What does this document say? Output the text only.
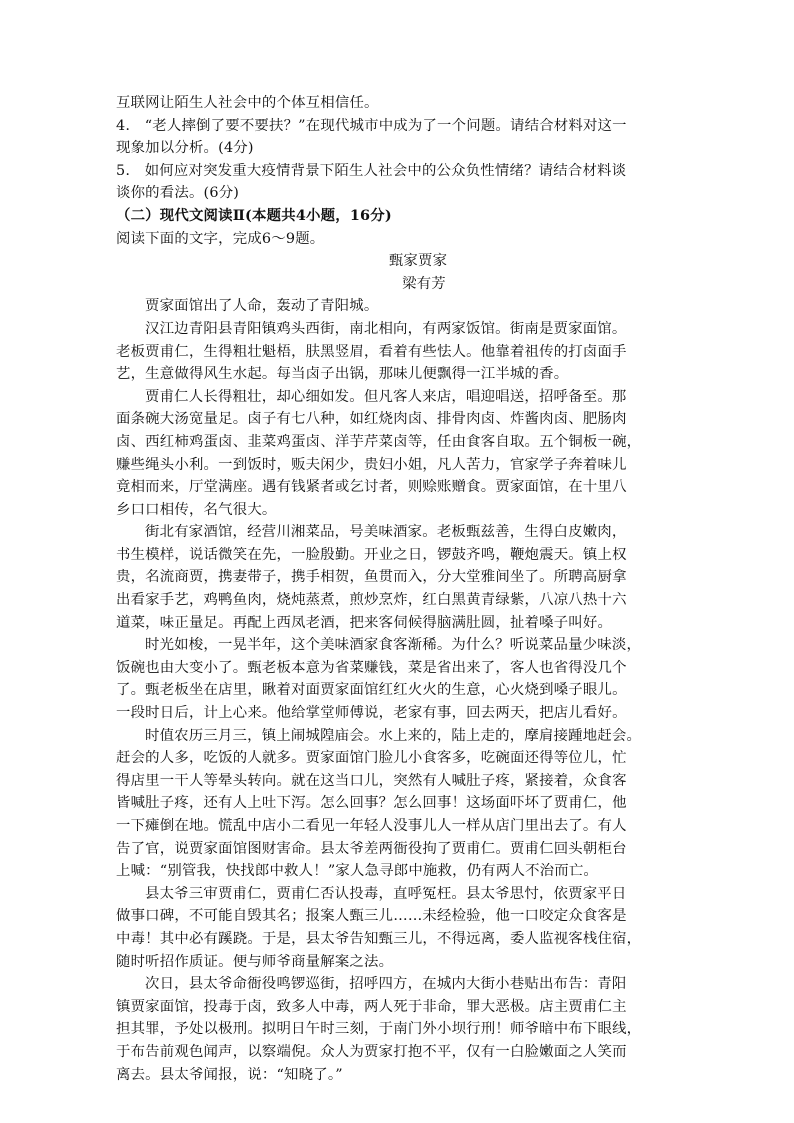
互联网让陌生人社会中的个体互相信任。
4.　“老人摔倒了要不要扶？”在现代城市中成为了一个问题。请结合材料对这一
现象加以分析。(4分)
5.　如何应对突发重大疫情背景下陌生人社会中的公众负性情绪？请结合材料谈
谈你的看法。(6分)
（二）现代文阅读Ⅱ(本题共4小题，16分)
阅读下面的文字，完成6～9题。
甄家贾家
梁有芳
贾家面馆出了人命，轰动了青阳城。
汉江边青阳县青阳镇鸡头西街，南北相向，有两家饭馆。街南是贾家面馆。
老板贾甫仁，生得粗壮魁梧，肤黑竖眉，看着有些怯人。他靠着祖传的打卤面手
艺，生意做得风生水起。每当卤子出锅，那味儿便飘得一江半城的香。
贾甫仁人长得粗壮，却心细如发。但凡客人来店，唱迎唱送，招呼备至。那
面条碗大汤宽量足。卤子有七八种，如红烧肉卤、排骨肉卤、炸酱肉卤、肥肠肉
卤、西红柿鸡蛋卤、韭菜鸡蛋卤、洋芋芹菜卤等，任由食客自取。五个铜板一碗，
赚些绳头小利。一到饭时，贩夫闲少，贵妇小姐，凡人苦力，官家学子奔着味儿
竟相而来，厅堂满座。遇有钱紧者或乞讨者，则赊账赠食。贾家面馆，在十里八
乡口口相传，名气很大。
街北有家酒馆，经营川湘菜品，号美味酒家。老板甄兹善，生得白皮嫩肉，
书生模样，说话微笑在先，一脸殷勤。开业之日，锣鼓齐鸣，鞭炮震天。镇上权
贵，名流商贾，携妻带子，携手相贺，鱼贯而入，分大堂雅间坐了。所聘高厨拿
出看家手艺，鸡鸭鱼肉，烧炖蒸煮，煎炒烹炸，红白黑黄青绿紫，八凉八热十六
道菜，味正量足。再配上西凤老酒，把来客伺候得脑满肚圆，扯着嗓子叫好。
时光如梭，一晃半年，这个美味酒家食客渐稀。为什么？听说菜品量少味淡，
饭碗也由大变小了。甄老板本意为省菜赚钱，菜是省出来了，客人也省得没几个
了。甄老板坐在店里，瞅着对面贾家面馆红红火火的生意，心火烧到嗓子眼儿。
一段时日后，计上心来。他给掌堂师傅说，老家有事，回去两天，把店儿看好。
时值农历三月三，镇上闹城隍庙会。水上来的，陆上走的，摩肩接踵地赶会。
赶会的人多，吃饭的人就多。贾家面馆门脸儿小食客多，吃碗面还得等位儿，忙
得店里一干人等晕头转向。就在这当口儿，突然有人喊肚子疼，紧接着，众食客
皆喊肚子疼，还有人上吐下泻。怎么回事？怎么回事！这场面吓坏了贾甫仁，他
一下瘫倒在地。慌乱中店小二看见一年轻人没事儿人一样从店门里出去了。有人
告了官，说贾家面馆图财害命。县太爷差两衙役拘了贾甫仁。贾甫仁回头朝柜台
上喊：“别管我，快找郎中救人！”家人急寻郎中施救，仍有两人不治而亡。
县太爷三审贾甫仁，贾甫仁否认投毒，直呼冤枉。县太爷思忖，依贾家平日
做事口碑，不可能自毁其名；报案人甄三儿……未经检验，他一口咬定众食客是
中毒！其中必有蹊跷。于是，县太爷告知甄三儿，不得远离，委人监视客栈住宿，
随时听招作质证。便与师爷商量解案之法。
次日，县太爷命衙役鸣锣巡街，招呼四方，在城内大街小巷贴出布告：青阳
镇贾家面馆，投毒于卤，致多人中毒，两人死于非命，罪大恶极。店主贾甫仁主
担其罪，予处以极刑。拟明日午时三刻，于南门外小坝行刑！师爷暗中布下眼线，
于布告前观色闻声，以察端倪。众人为贾家打抱不平，仅有一白脸嫩面之人笑而
离去。县太爷闻报，说：“知晓了。”
